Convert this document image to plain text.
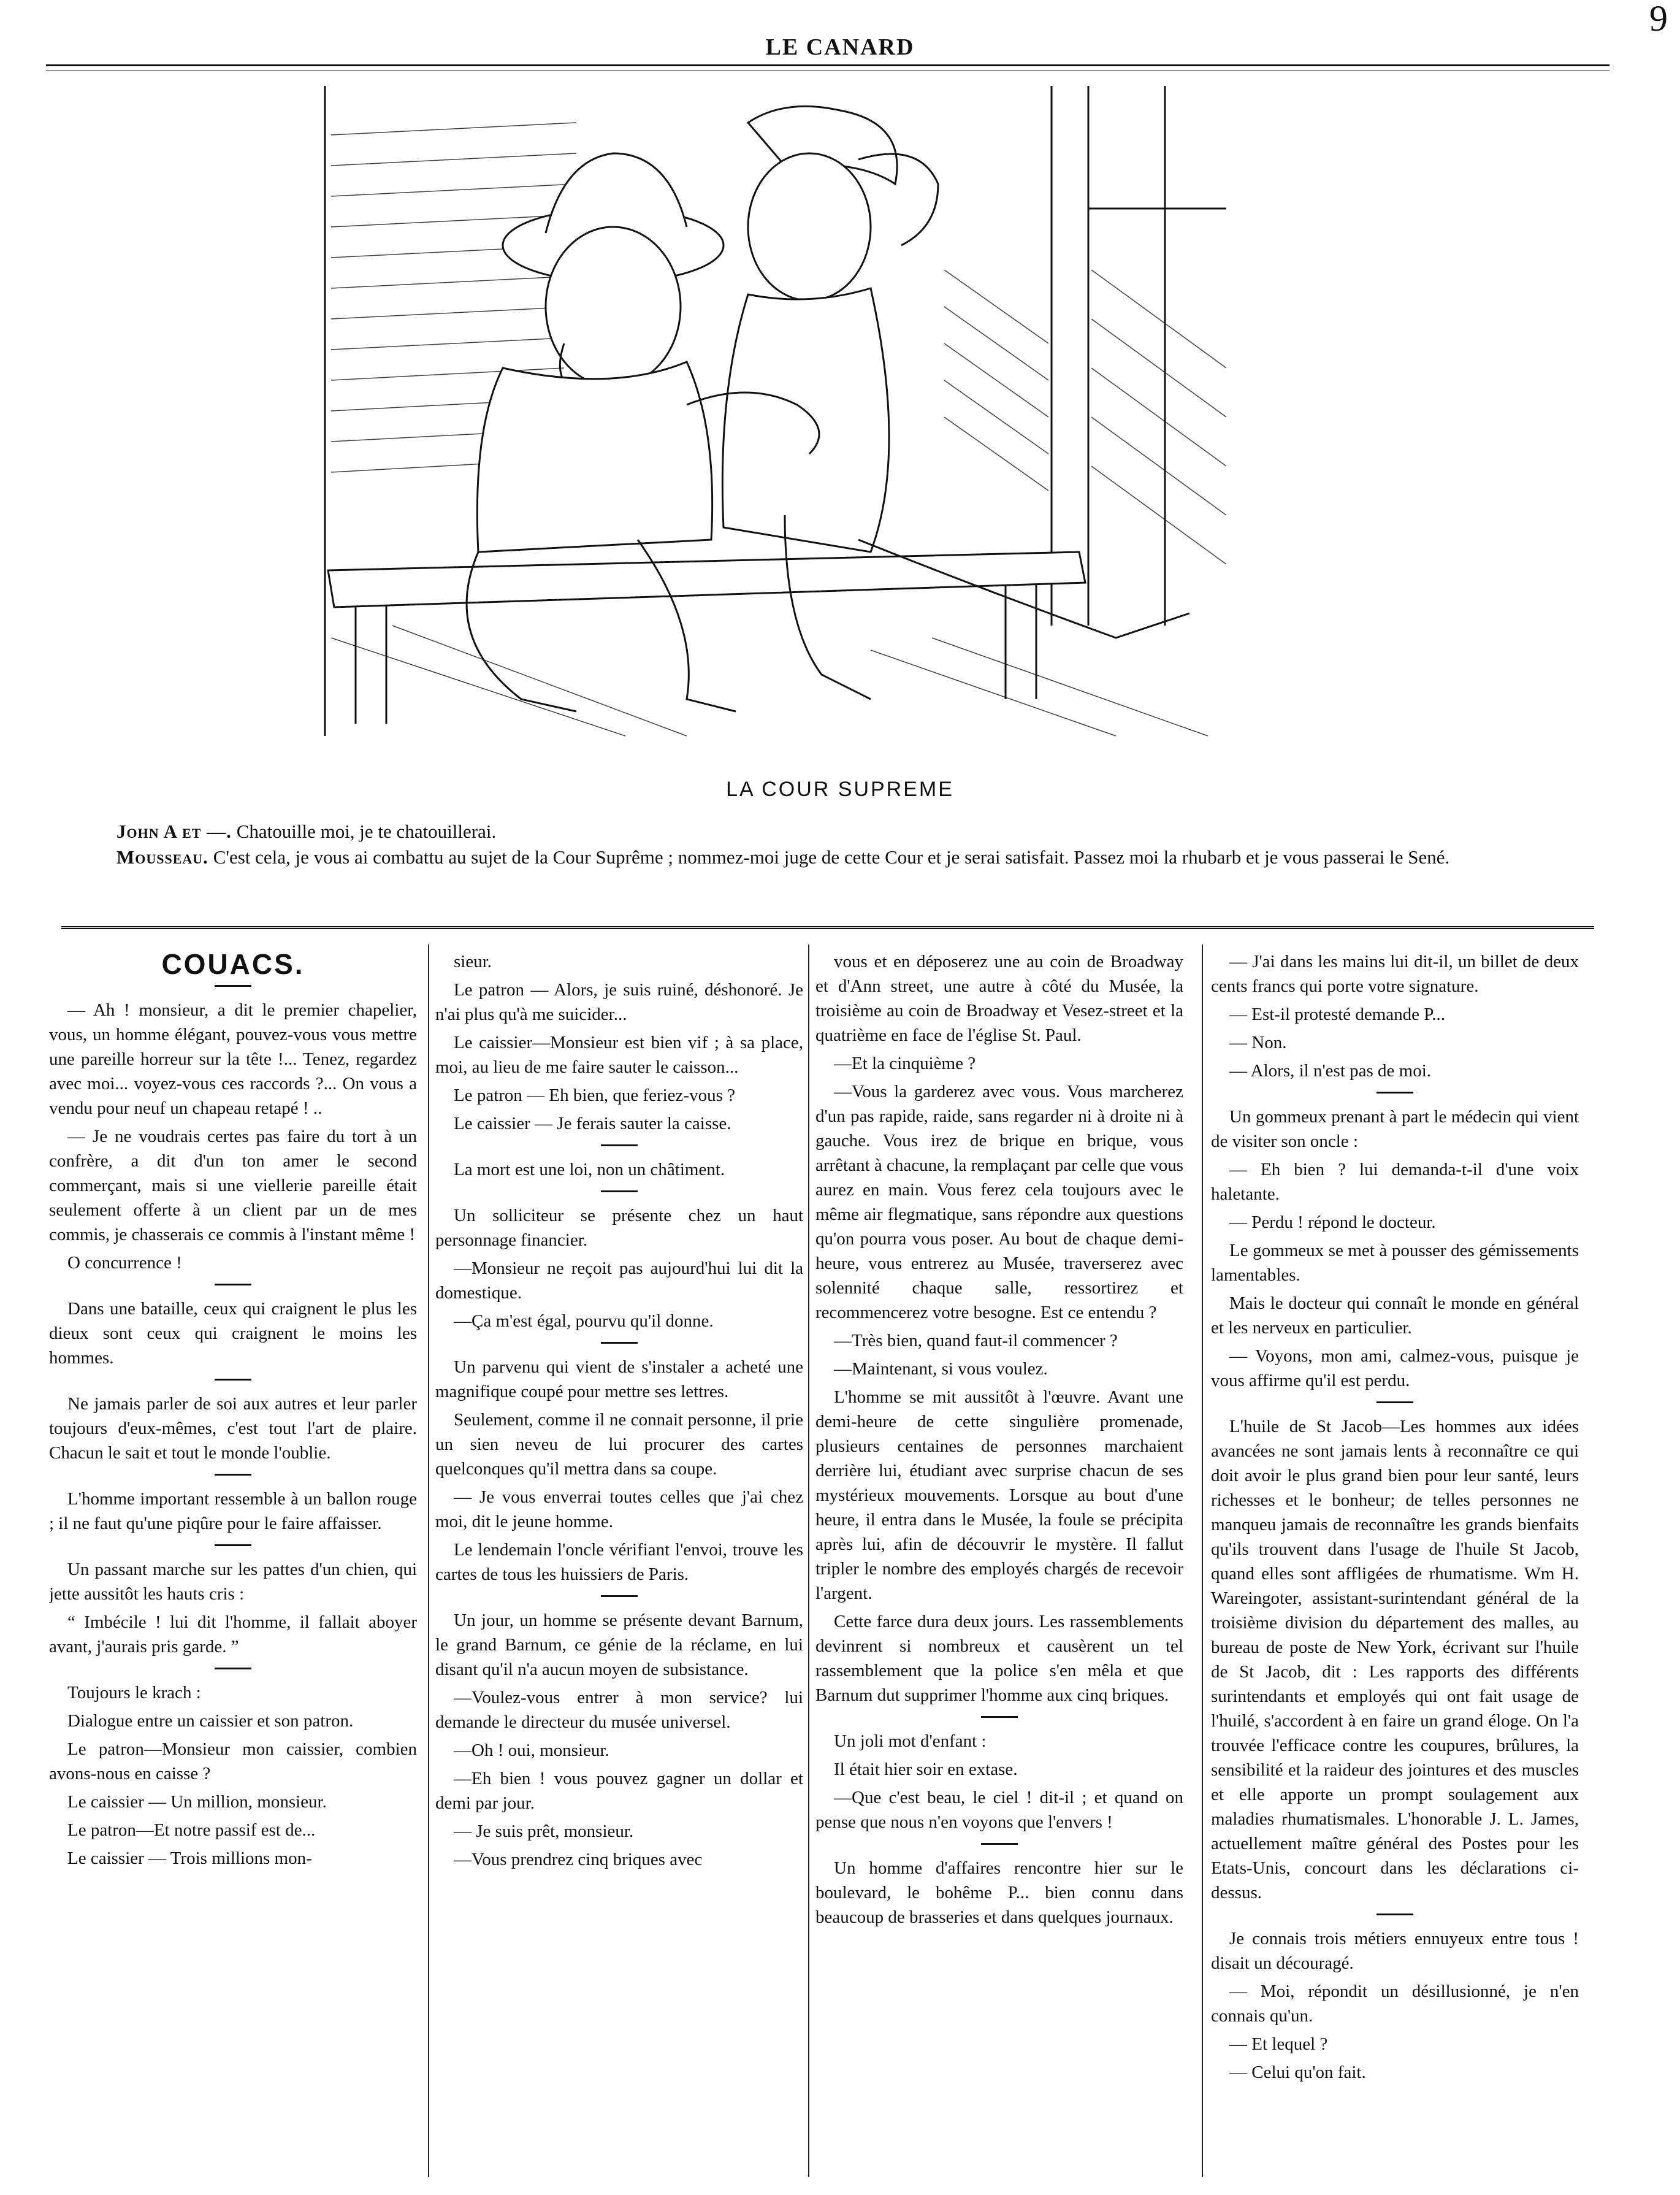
9
LE CANARD
LA COUR SUPREME

John A et —. Chatouille moi, je te chatouillerai.

Mousseau. C'est cela, je vous ai combattu au sujet de la Cour Suprême ; nommez-moi juge de cette Cour et je serai satisfait. Passez moi la rhubarb et je vous passerai le Sené.

COUACS.

— Ah ! monsieur, a dit le premier chapelier, vous, un homme élégant, pouvez-vous vous mettre une pareille horreur sur la tête !... Tenez, regardez avec moi... voyez-vous ces raccords ?... On vous a vendu pour neuf un chapeau retapé ! ..

— Je ne voudrais certes pas faire du tort à un confrère, a dit d'un ton amer le second commerçant, mais si une viellerie pareille était seulement offerte à un client par un de mes commis, je chasserais ce commis à l'instant même !

O concurrence !

Dans une bataille, ceux qui craignent le plus les dieux sont ceux qui craignent le moins les hommes.

Ne jamais parler de soi aux autres et leur parler toujours d'eux-mêmes, c'est tout l'art de plaire. Chacun le sait et tout le monde l'oublie.

L'homme important ressemble à un ballon rouge ; il ne faut qu'une piqûre pour le faire affaisser.

Un passant marche sur les pattes d'un chien, qui jette aussitôt les hauts cris :

“ Imbécile ! lui dit l'homme, il fallait aboyer avant, j'aurais pris garde. ”

Toujours le krach :

Dialogue entre un caissier et son patron.

Le patron—Monsieur mon caissier, combien avons-nous en caisse ?

Le caissier — Un million, monsieur.

Le patron—Et notre passif est de...

Le caissier — Trois millions mon-

sieur.

Le patron — Alors, je suis ruiné, déshonoré. Je n'ai plus qu'à me suicider...

Le caissier—Monsieur est bien vif ; à sa place, moi, au lieu de me faire sauter le caisson...

Le patron — Eh bien, que feriez-vous ?

Le caissier — Je ferais sauter la caisse.

La mort est une loi, non un châtiment.

Un solliciteur se présente chez un haut personnage financier.

—Monsieur ne reçoit pas aujourd'hui lui dit la domestique.

—Ça m'est égal, pourvu qu'il donne.

Un parvenu qui vient de s'instaler a acheté une magnifique coupé pour mettre ses lettres.

Seulement, comme il ne connait personne, il prie un sien neveu de lui procurer des cartes quelconques qu'il mettra dans sa coupe.

— Je vous enverrai toutes celles que j'ai chez moi, dit le jeune homme.

Le lendemain l'oncle vérifiant l'envoi, trouve les cartes de tous les huissiers de Paris.

Un jour, un homme se présente devant Barnum, le grand Barnum, ce génie de la réclame, en lui disant qu'il n'a aucun moyen de subsistance.

—Voulez-vous entrer à mon service? lui demande le directeur du musée universel.

—Oh ! oui, monsieur.

—Eh bien ! vous pouvez gagner un dollar et demi par jour.

— Je suis prêt, monsieur.

—Vous prendrez cinq briques avec

vous et en déposerez une au coin de Broadway et d'Ann street, une autre à côté du Musée, la troisième au coin de Broadway et Vesez-street et la quatrième en face de l'église St. Paul.

—Et la cinquième ?

—Vous la garderez avec vous. Vous marcherez d'un pas rapide, raide, sans regarder ni à droite ni à gauche. Vous irez de brique en brique, vous arrêtant à chacune, la remplaçant par celle que vous aurez en main. Vous ferez cela toujours avec le même air flegmatique, sans répondre aux questions qu'on pourra vous poser. Au bout de chaque demi-heure, vous entrerez au Musée, traverserez avec solennité chaque salle, ressortirez et recommencerez votre besogne. Est ce entendu ?

—Très bien, quand faut-il commencer ?

—Maintenant, si vous voulez.

L'homme se mit aussitôt à l'œuvre. Avant une demi-heure de cette singulière promenade, plusieurs centaines de personnes marchaient derrière lui, étudiant avec surprise chacun de ses mystérieux mouvements. Lorsque au bout d'une heure, il entra dans le Musée, la foule se précipita après lui, afin de découvrir le mystère. Il fallut tripler le nombre des employés chargés de recevoir l'argent.

Cette farce dura deux jours. Les rassemblements devinrent si nombreux et causèrent un tel rassemblement que la police s'en mêla et que Barnum dut supprimer l'homme aux cinq briques.

Un joli mot d'enfant :

Il était hier soir en extase.

—Que c'est beau, le ciel ! dit-il ; et quand on pense que nous n'en voyons que l'envers !

Un homme d'affaires rencontre hier sur le boulevard, le bohême P... bien connu dans beaucoup de brasseries et dans quelques journaux.

— J'ai dans les mains lui dit-il, un billet de deux cents francs qui porte votre signature.

— Est-il protesté demande P...

— Non.

— Alors, il n'est pas de moi.

Un gommeux prenant à part le médecin qui vient de visiter son oncle :

— Eh bien ? lui demanda-t-il d'une voix haletante.

— Perdu ! répond le docteur.

Le gommeux se met à pousser des gémissements lamentables.

Mais le docteur qui connaît le monde en général et les nerveux en particulier.

— Voyons, mon ami, calmez-vous, puisque je vous affirme qu'il est perdu.

L'huile de St Jacob—Les hommes aux idées avancées ne sont jamais lents à reconnaître ce qui doit avoir le plus grand bien pour leur santé, leurs richesses et le bonheur; de telles personnes ne manqueu jamais de reconnaître les grands bienfaits qu'ils trouvent dans l'usage de l'huile St Jacob, quand elles sont affligées de rhumatisme. Wm H. Wareingoter, assistant-surintendant général de la troisième division du département des malles, au bureau de poste de New York, écrivant sur l'huile de St Jacob, dit : Les rapports des différents surintendants et employés qui ont fait usage de l'huilé, s'accordent à en faire un grand éloge. On l'a trouvée l'efficace contre les coupures, brûlures, la sensibilité et la raideur des jointures et des muscles et elle apporte un prompt soulagement aux maladies rhumatismales. L'honorable J. L. James, actuellement maître général des Postes pour les Etats-Unis, concourt dans les déclarations ci-dessus.

Je connais trois métiers ennuyeux entre tous ! disait un découragé.

— Moi, répondit un désillusionné, je n'en connais qu'un.

— Et lequel ?

— Celui qu'on fait.
